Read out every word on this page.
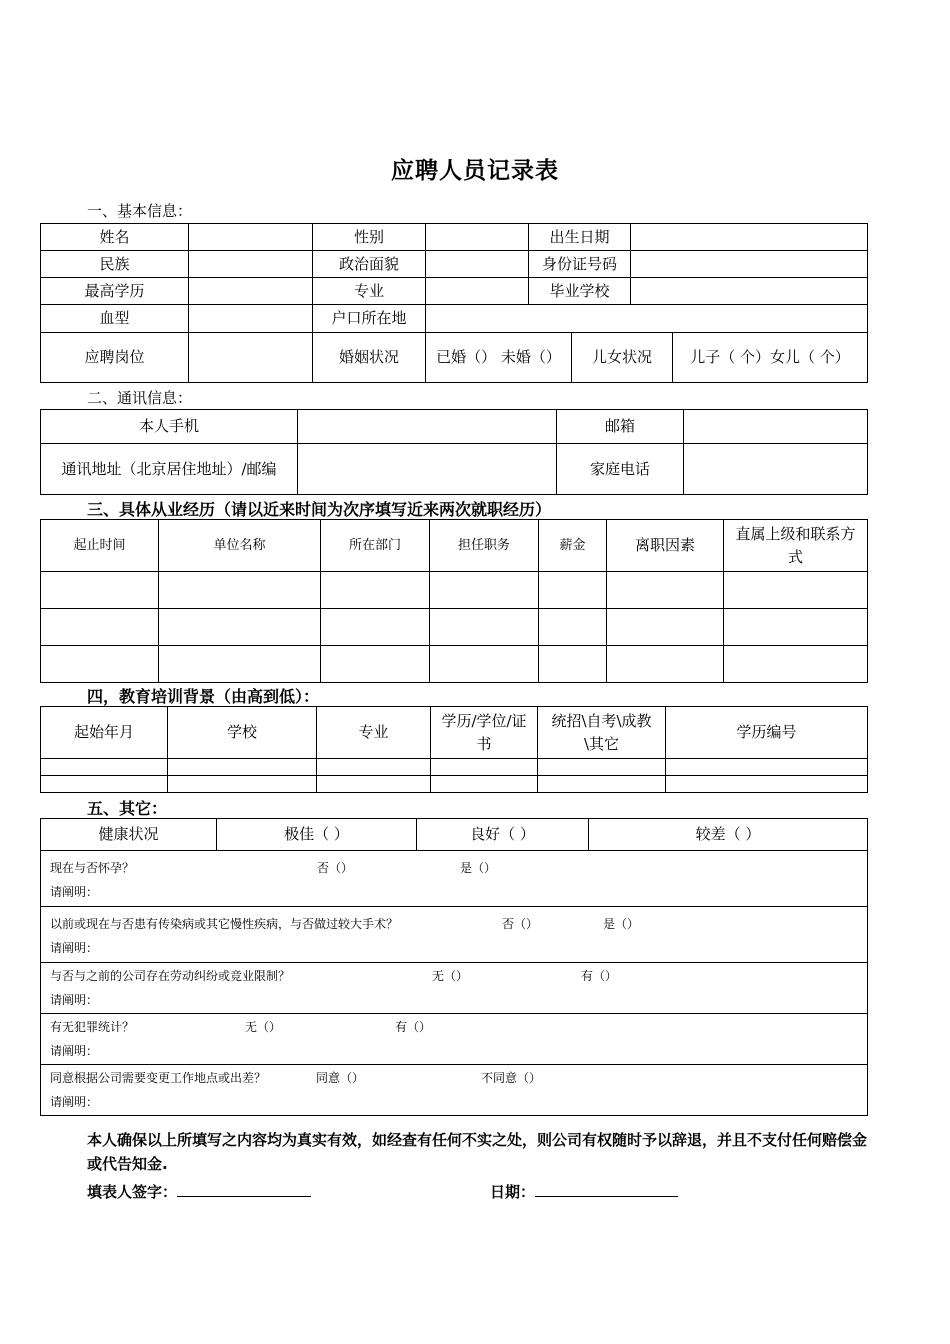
应聘人员记录表
一、基本信息：
姓名		性别		出生日期			
民族		政治面貌		身份证号码			
最高学历		专业		毕业学校			
血型		户口所在地					
应聘岗位		婚姻状况	已婚（） 未婚（）		儿女状况		儿子（ 个）女儿（ 个）
二、通讯信息：
本人手机		邮箱	
通讯地址（北京居住地址）/邮编		家庭电话	
三、具体从业经历（请以近来时间为次序填写近来两次就职经历）
起止时间	单位名称	所在部门	担任职务	薪金	离职因素	直属上级和联系方式

四，教育培训背景（由高到低）：
起始年月	学校	专业	学历/学位/证书	统招\自考\成教\其它	学历编号

五、其它：
健康状况	极佳（ ）	良好（ ）	较差（ ）

现在与否怀孕？	否（）	是（）
请阐明：

以前或现在与否患有传染病或其它慢性疾病，与否做过较大手术？	否（）	是（）
请阐明：

与否与之前的公司存在劳动纠纷或竞业限制？	无（）	有（）
请阐明：

有无犯罪统计？	无（）	有（）
请阐明：

同意根据公司需要变更工作地点或出差？	同意（）	不同意（）
请阐明：
本人确保以上所填写之内容均为真实有效，如经查有任何不实之处，则公司有权随时予以辞退，并且不支付任何赔偿金或代告知金.
填表人签字：	日期：
